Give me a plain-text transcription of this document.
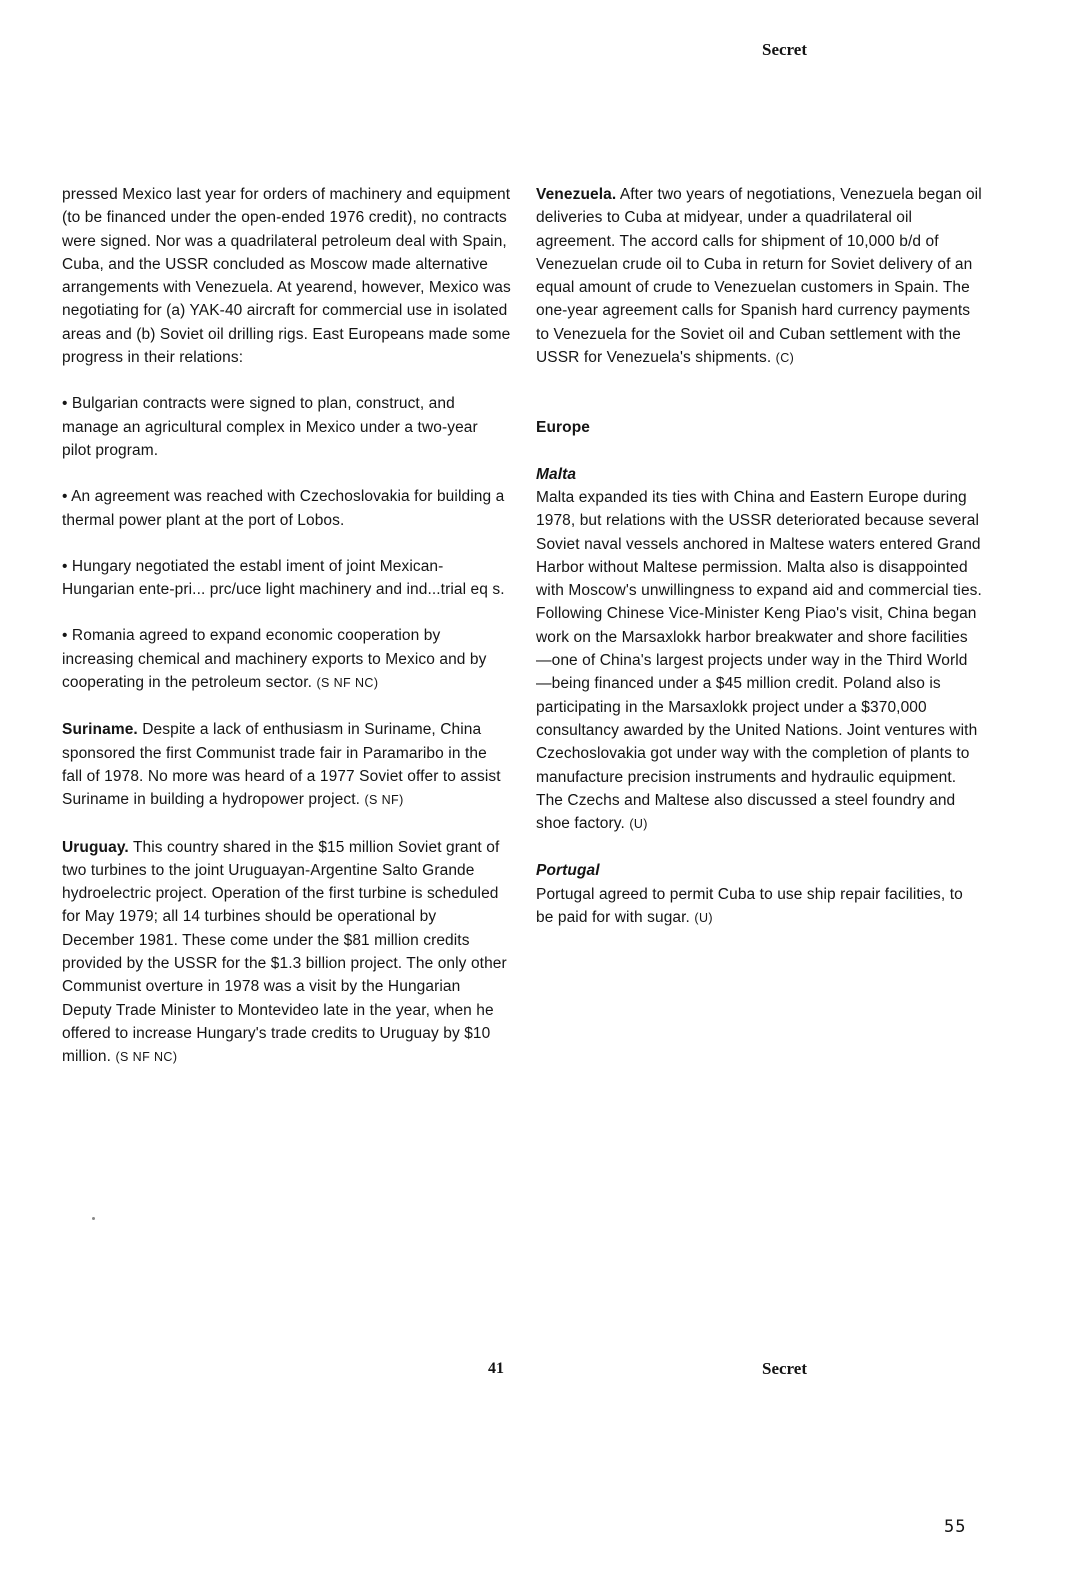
Secret

pressed Mexico last year for orders of machinery and equipment (to be financed under the open-ended 1976 credit), no contracts were signed. Nor was a quadrilateral petroleum deal with Spain, Cuba, and the USSR concluded as Moscow made alternative arrangements with Venezuela. At yearend, however, Mexico was negotiating for (a) YAK-40 aircraft for commercial use in isolated areas and (b) Soviet oil drilling rigs. East Europeans made some progress in their relations:

• Bulgarian contracts were signed to plan, construct, and manage an agricultural complex in Mexico under a two-year pilot program.

• An agreement was reached with Czechoslovakia for building a thermal power plant at the port of Lobos.

• Hungary negotiated the establ iment of joint Mexican-Hungarian ente-pri... prc/uce light machinery and ind...trial eq s.

• Romania agreed to expand economic cooperation by increasing chemical and machinery exports to Mexico and by cooperating in the petroleum sector. (S NF NC)

Suriname. Despite a lack of enthusiasm in Suriname, China sponsored the first Communist trade fair in Paramaribo in the fall of 1978. No more was heard of a 1977 Soviet offer to assist Suriname in building a hydropower project. (S NF)

Uruguay. This country shared in the $15 million Soviet grant of two turbines to the joint Uruguayan-Argentine Salto Grande hydroelectric project. Operation of the first turbine is scheduled for May 1979; all 14 turbines should be operational by December 1981. These come under the $81 million credits provided by the USSR for the $1.3 billion project. The only other Communist overture in 1978 was a visit by the Hungarian Deputy Trade Minister to Montevideo late in the year, when he offered to increase Hungary's trade credits to Uruguay by $10 million. (S NF NC)

Venezuela. After two years of negotiations, Venezuela began oil deliveries to Cuba at midyear, under a quadrilateral oil agreement. The accord calls for shipment of 10,000 b/d of Venezuelan crude oil to Cuba in return for Soviet delivery of an equal amount of crude to Venezuelan customers in Spain. The one-year agreement calls for Spanish hard currency payments to Venezuela for the Soviet oil and Cuban settlement with the USSR for Venezuela's shipments. (C)

Europe
Malta

Malta expanded its ties with China and Eastern Europe during 1978, but relations with the USSR deteriorated because several Soviet naval vessels anchored in Maltese waters entered Grand Harbor without Maltese permission. Malta also is disappointed with Moscow's unwillingness to expand aid and commercial ties. Following Chinese Vice-Minister Keng Piao's visit, China began work on the Marsaxlokk harbor breakwater and shore facilities—one of China's largest projects under way in the Third World—being financed under a $45 million credit. Poland also is participating in the Marsaxlokk project under a $370,000 consultancy awarded by the United Nations. Joint ventures with Czechoslovakia got under way with the completion of plants to manufacture precision instruments and hydraulic equipment. The Czechs and Maltese also discussed a steel foundry and shoe factory. (U)

Portugal

Portugal agreed to permit Cuba to use ship repair facilities, to be paid for with sugar. (U)

41	Secret
55
